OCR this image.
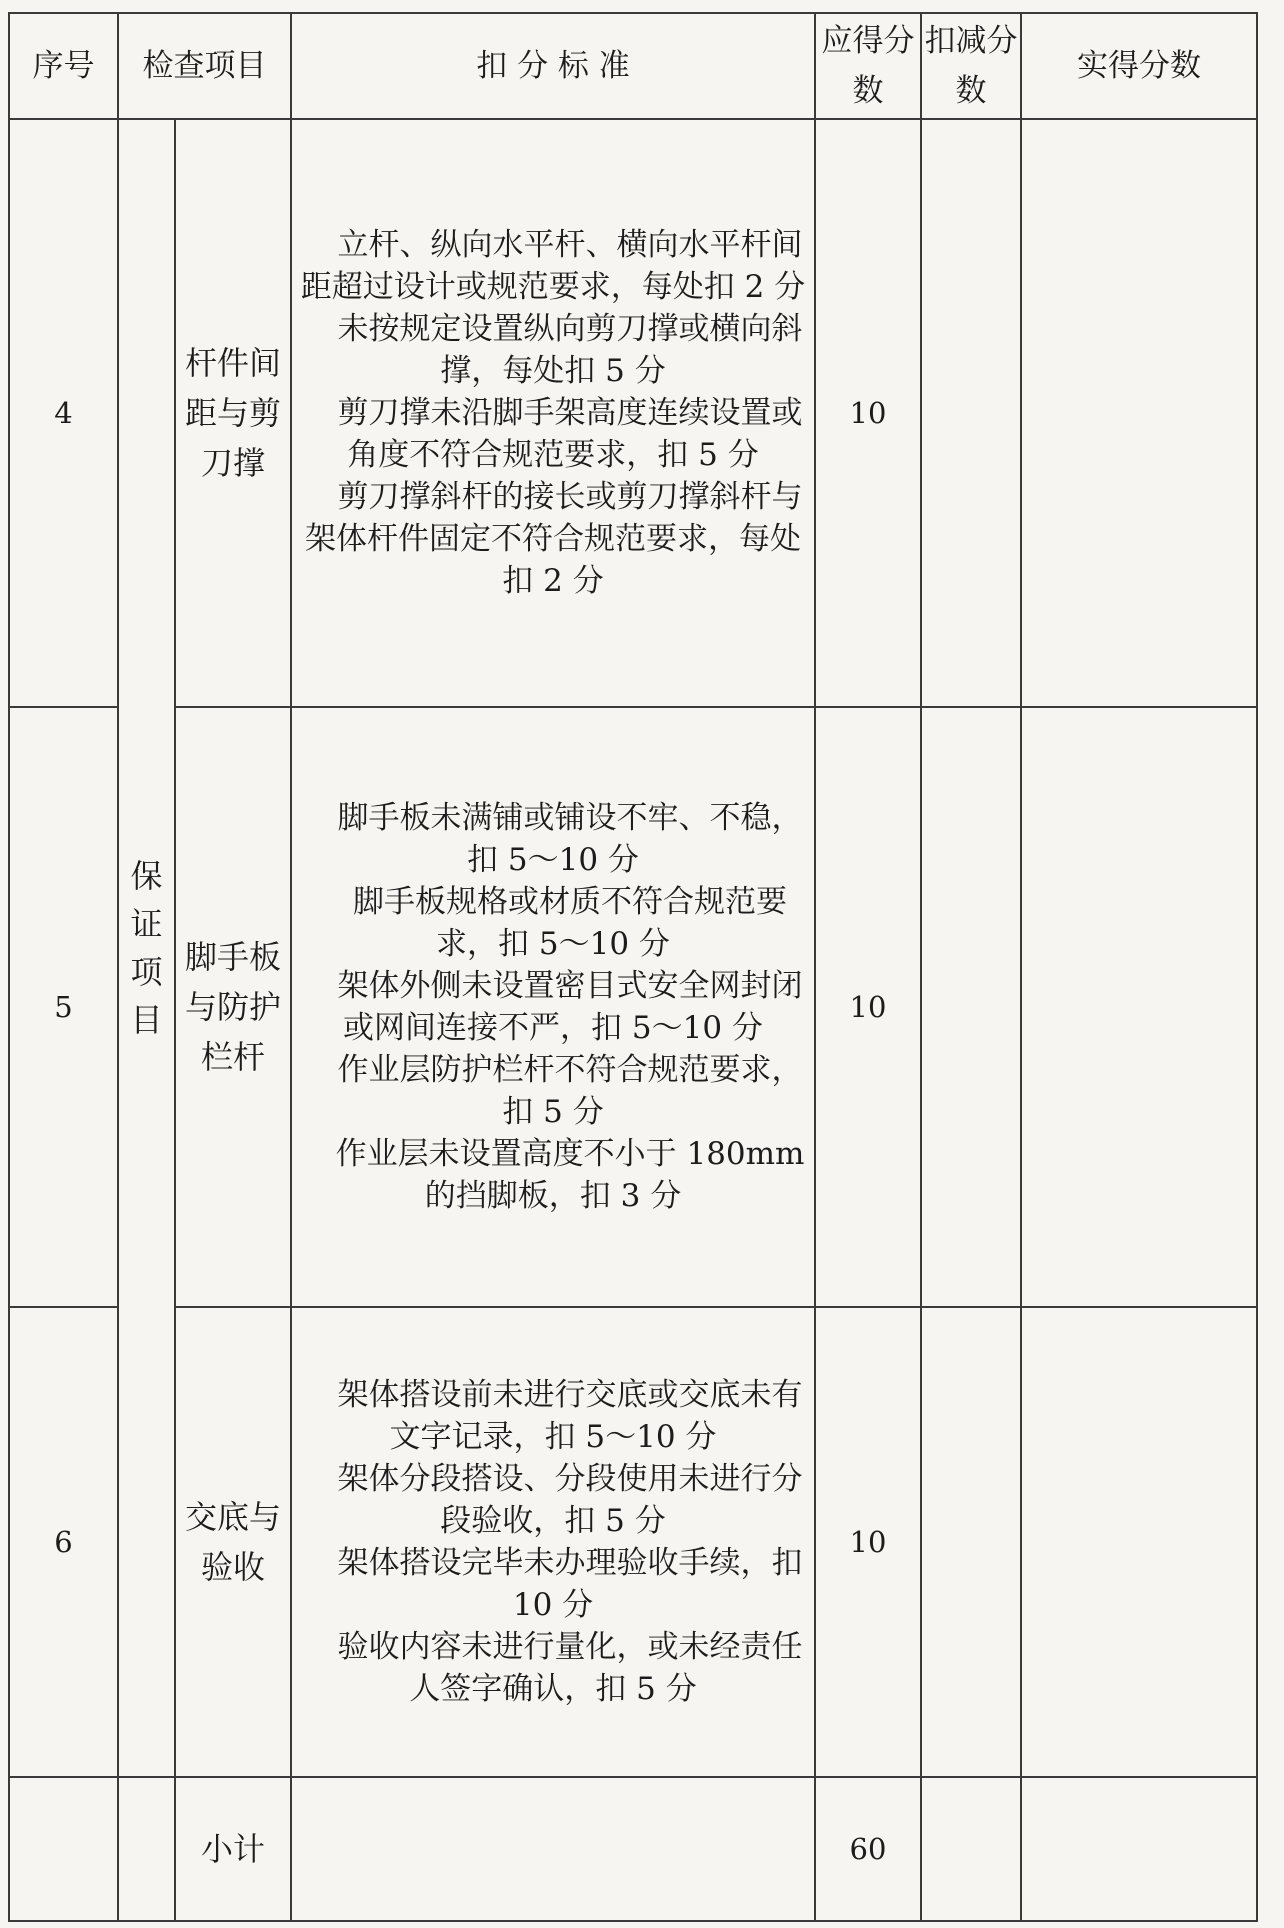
序号	检查项目		扣 分 标 准	应得分数	扣减分数	实得分数
4	保证项目	杆件间距与剪刀撑	立杆、纵向水平杆、横向水平杆间距超过设计或规范要求，每处扣 2 分
未按规定设置纵向剪刀撑或横向斜撑，每处扣 5 分
剪刀撑未沿脚手架高度连续设置或角度不符合规范要求，扣 5 分
剪刀撑斜杆的接长或剪刀撑斜杆与架体杆件固定不符合规范要求，每处扣 2 分	10		
5		脚手板与防护栏杆	脚手板未满铺或铺设不牢、不稳，扣 5～10 分
脚手板规格或材质不符合规范要求，扣 5～10 分
架体外侧未设置密目式安全网封闭或网间连接不严，扣 5～10 分
作业层防护栏杆不符合规范要求，扣 5 分
作业层未设置高度不小于 180mm 的挡脚板，扣 3 分	10		
6		交底与验收	架体搭设前未进行交底或交底未有文字记录，扣 5～10 分
架体分段搭设、分段使用未进行分段验收，扣 5 分
架体搭设完毕未办理验收手续，扣 10 分
验收内容未进行量化，或未经责任人签字确认，扣 5 分	10		
		小计		60		
